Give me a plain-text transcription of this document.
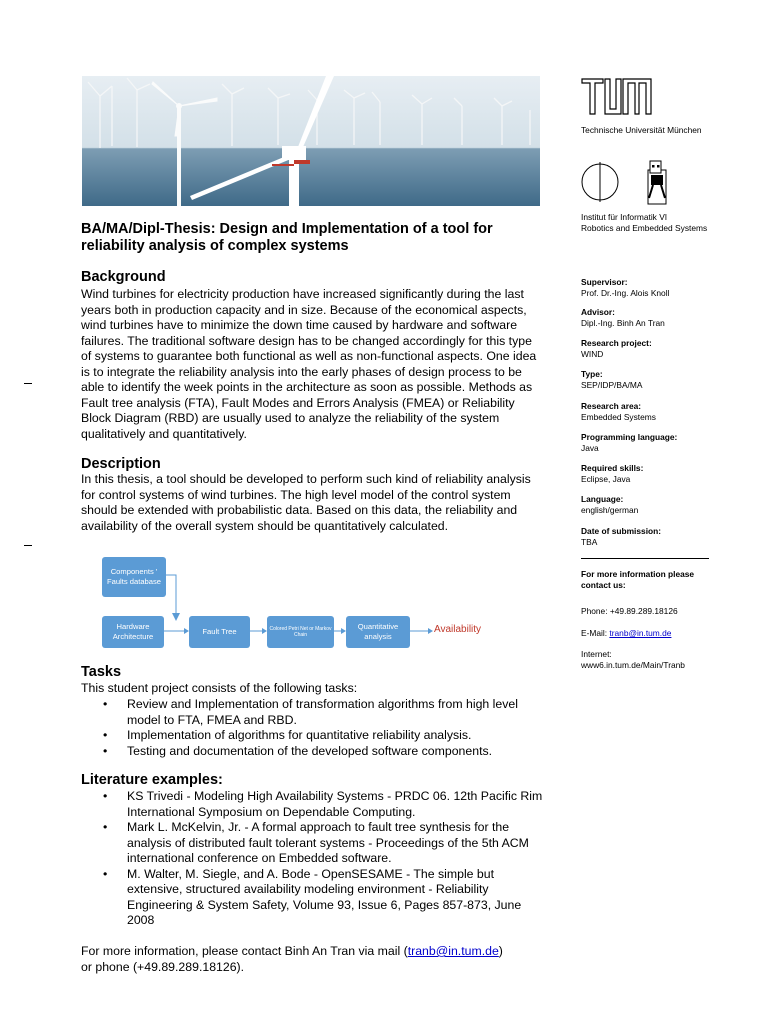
BA/MA/Dipl-Thesis: Design and Implementation of a tool for reliability analysis of complex systems
Background
Wind turbines for electricity production have increased significantly during the last years both in production capacity and in size. Because of the economical aspects, wind turbines have to minimize the down time caused by hardware and software failures. The traditional software design has to be changed accordingly for this type of systems to guarantee both functional as well as non-functional aspects. One idea is to integrate the reliability analysis into the early phases of design process to be able to identify the week points in the architecture as soon as possible. Methods as Fault tree analysis (FTA), Fault Modes and Errors Analysis (FMEA) or Reliability Block Diagram (RBD) are usually used to analyze the reliability of the system qualitatively and quantitatively.
Description
In this thesis, a tool should be developed to perform such kind of reliability analysis for control systems of wind turbines. The high level model of the control system should be extended with probabilistic data. Based on this data, the reliability and availability of the overall system should be quantitatively calculated.
Components ' Faults database
Hardware Architecture
Fault Tree	Colored Petri Net or Markov Chain
Quantitative analysis
Availability
Tasks
This student project consists of the following tasks:
• Review and Implementation of transformation algorithms from high level model to FTA, FMEA and RBD.
• Implementation of algorithms for quantitative reliability analysis.
• Testing and documentation of the developed software components.
Literature examples:
• KS Trivedi - Modeling High Availability Systems - PRDC 06. 12th Pacific Rim International Symposium on Dependable Computing.
• Mark L. McKelvin, Jr. - A formal approach to fault tree synthesis for the analysis of distributed fault tolerant systems - Proceedings of the 5th ACM international conference on Embedded software.
• M. Walter, M. Siegle, and A. Bode - OpenSESAME - The simple but extensive, structured availability modeling environment - Reliability Engineering & System Safety, Volume 93, Issue 6, Pages 857-873, June 2008
For more information, please contact Binh An Tran via mail (tranb@in.tum.de)
or phone (+49.89.289.18126).
Technische Universität München
Institut für Informatik VI
Robotics and Embedded Systems
Supervisor:
Prof. Dr.-Ing. Alois Knoll
Advisor:
Dipl.-Ing. Binh An Tran
Research project:
WIND
Type:
SEP/IDP/BA/MA
Research area:
Embedded Systems
Programming language:
Java
Required skills:
Eclipse, Java
Language:
english/german
Date of submission:
TBA
For more information please contact us:
Phone: +49.89.289.18126
E-Mail: tranb@in.tum.de
Internet:
www6.in.tum.de/Main/Tranb
